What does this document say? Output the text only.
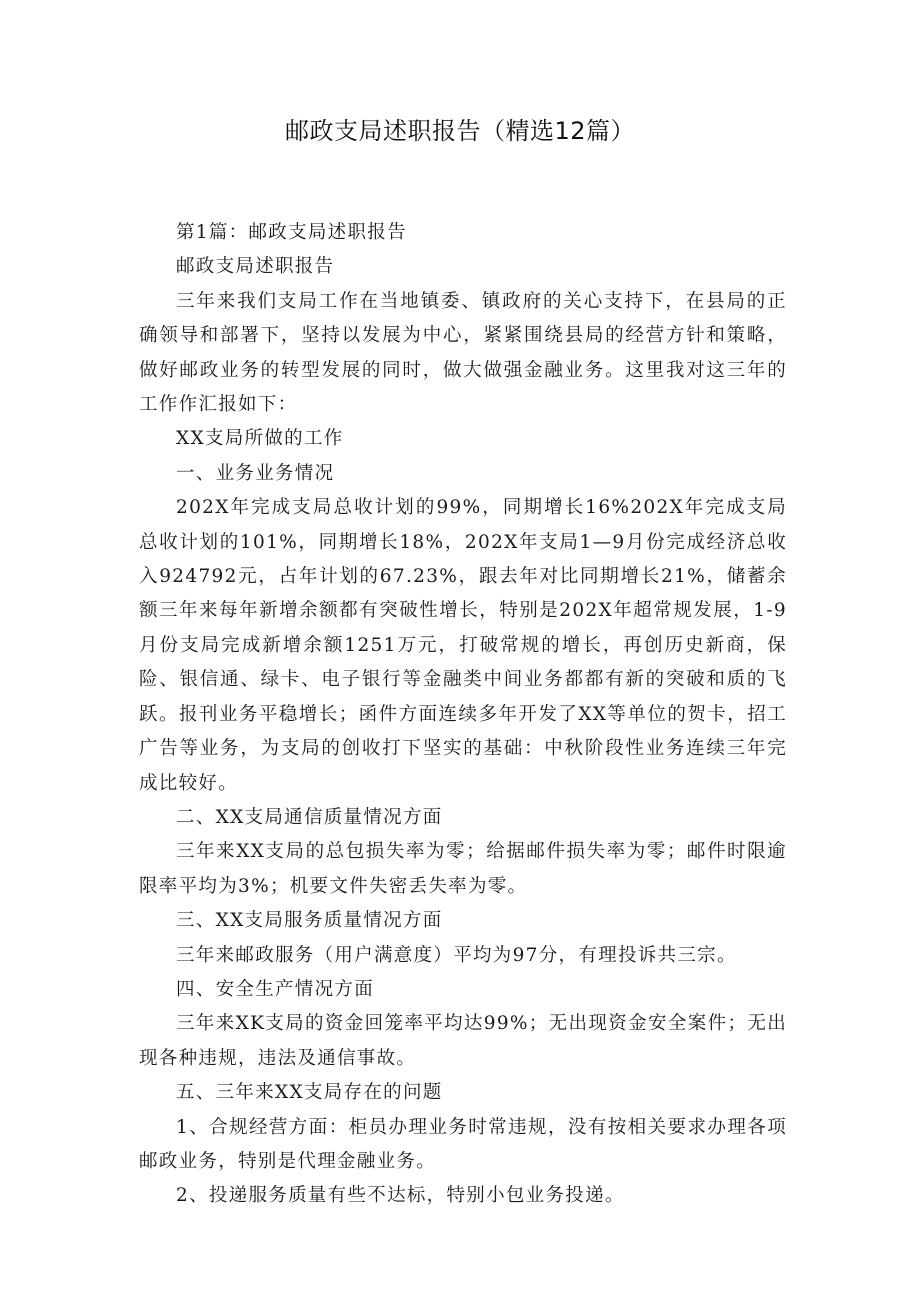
邮政支局述职报告（精选12篇）

第1篇：邮政支局述职报告

邮政支局述职报告

三年来我们支局工作在当地镇委、镇政府的关心支持下，在县局的正确领导和部署下，坚持以发展为中心，紧紧围绕县局的经营方针和策略，做好邮政业务的转型发展的同时，做大做强金融业务。这里我对这三年的工作作汇报如下：

XX支局所做的工作

一、业务业务情况

202X年完成支局总收计划的99%，同期增长16%202X年完成支局总收计划的101%，同期增长18%，202X年支局1—9月份完成经济总收入924792元，占年计划的67.23%，跟去年对比同期增长21%，储蓄余额三年来每年新增余额都有突破性增长，特别是202X年超常规发展，1-9月份支局完成新增余额1251万元，打破常规的增长，再创历史新商，保险、银信通、绿卡、电子银行等金融类中间业务都都有新的突破和质的飞跃。报刊业务平稳增长；函件方面连续多年开发了XX等单位的贺卡，招工广告等业务，为支局的创收打下坚实的基础：中秋阶段性业务连续三年完成比较好。

二、XX支局通信质量情况方面

三年来XX支局的总包损失率为零；给据邮件损失率为零；邮件时限逾限率平均为3%；机要文件失密丢失率为零。

三、XX支局服务质量情况方面

三年来邮政服务（用户满意度）平均为97分，有理投诉共三宗。

四、安全生产情况方面

三年来XK支局的资金回笼率平均达99%；无出现资金安全案件；无出现各种违规，违法及通信事故。

五、三年来XX支局存在的问题

1、合规经营方面：柜员办理业务时常违规，没有按相关要求办理各项邮政业务，特别是代理金融业务。

2、投递服务质量有些不达标，特别小包业务投递。
